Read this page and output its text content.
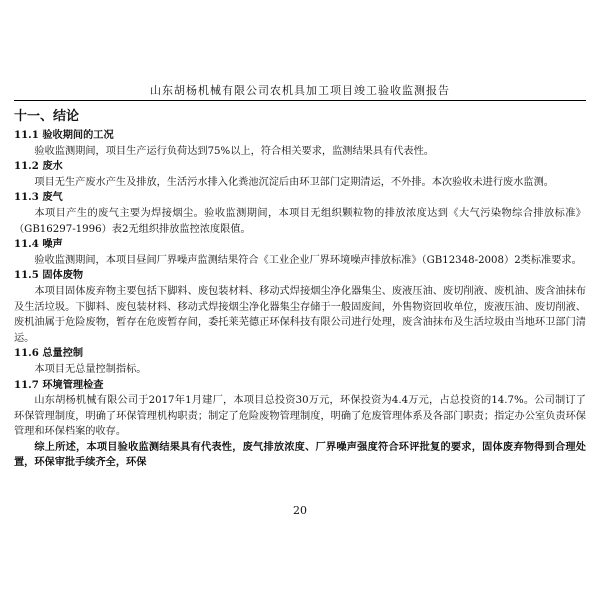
山东胡杨机械有限公司农机具加工项目竣工验收监测报告

十一、结论

11.1 验收期间的工况

验收监测期间，项目生产运行负荷达到75%以上，符合相关要求，监测结果具有代表性。

11.2 废水

项目无生产废水产生及排放，生活污水排入化粪池沉淀后由环卫部门定期清运，不外排。本次验收未进行废水监测。

11.3 废气

本项目产生的废气主要为焊接烟尘。验收监测期间，本项目无组织颗粒物的排放浓度达到《大气污染物综合排放标准》（GB16297-1996）表2无组织排放监控浓度限值。

11.4 噪声

验收监测期间，本项目昼间厂界噪声监测结果符合《工业企业厂界环境噪声排放标准》（GB12348-2008）2类标准要求。

11.5 固体废物

本项目固体废弃物主要包括下脚料、废包装材料、移动式焊接烟尘净化器集尘、废液压油、废切削液、废机油、废含油抹布及生活垃圾。下脚料、废包装材料、移动式焊接烟尘净化器集尘存储于一般固废间，外售物资回收单位，废液压油、废切削液、废机油属于危险废物，暂存在危废暂存间，委托莱芜德正环保科技有限公司进行处理，废含油抹布及生活垃圾由当地环卫部门清运。

11.6 总量控制

本项目无总量控制指标。

11.7 环境管理检查

山东胡杨机械有限公司于2017年1月建厂，本项目总投资30万元，环保投资为4.4万元，占总投资的14.7%。公司制订了环保管理制度，明确了环保管理机构职责；制定了危险废物管理制度，明确了危废管理体系及各部门职责；指定办公室负责环保管理和环保档案的收存。

综上所述，本项目验收监测结果具有代表性，废气排放浓度、厂界噪声强度符合环评批复的要求，固体废弃物得到合理处置，环保审批手续齐全，环保

20
